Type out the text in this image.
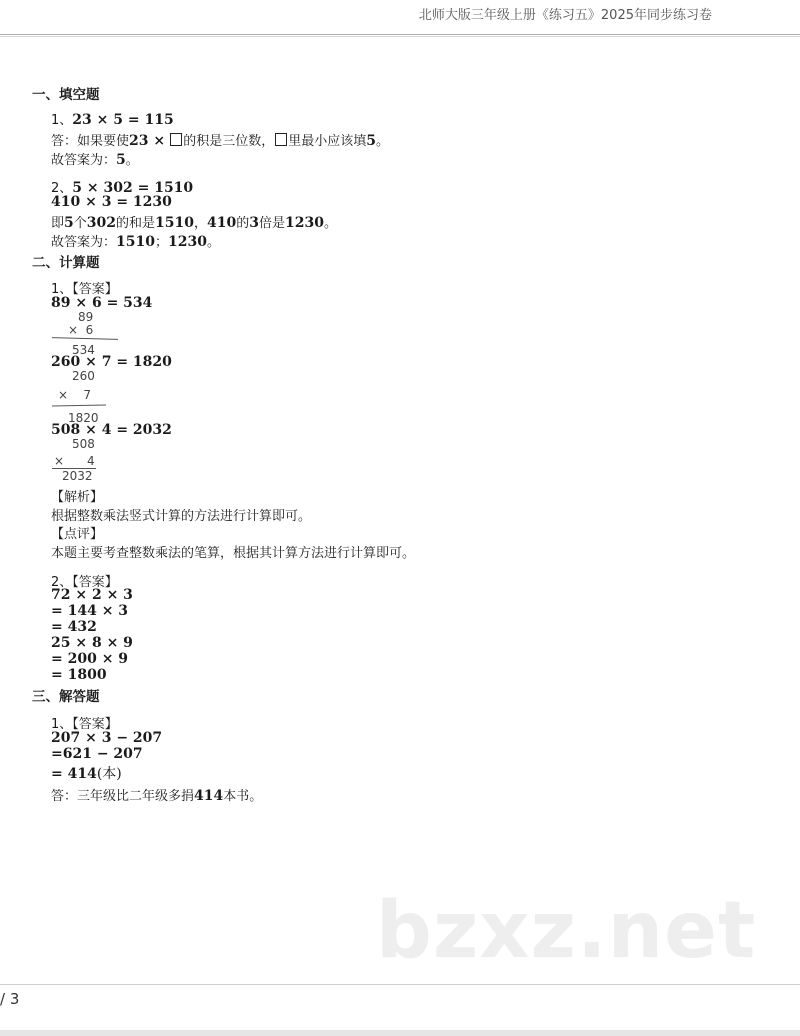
北师大版三年级上册《练习五》2025年同步练习卷
一、填空题
1、23 × 5 = 115
答：如果要使23 × 的积是三位数， 里最小应该填5。
故答案为：5。
2、5 × 302 = 1510
410 × 3 = 1230
即5个302的和是1510，410的3倍是1230。
故答案为：1510；1230。
二、计算题
1、【答案】
89 × 6 = 534
89
×  6
534
260 × 7 = 1820
260
×    7
1820
508 × 4 = 2032
508
×      4
2032
【解析】
根据整数乘法竖式计算的方法进行计算即可。
【点评】
本题主要考查整数乘法的笔算，根据其计算方法进行计算即可。
2、【答案】
72 × 2 × 3
= 144 × 3
= 432
25 × 8 × 9
= 200 × 9
= 1800
三、解答题
1、【答案】
207 × 3 − 207
=621 − 207
= 414(本)
答：三年级比二年级多捐414本书。
bzxz.net
/ 3
